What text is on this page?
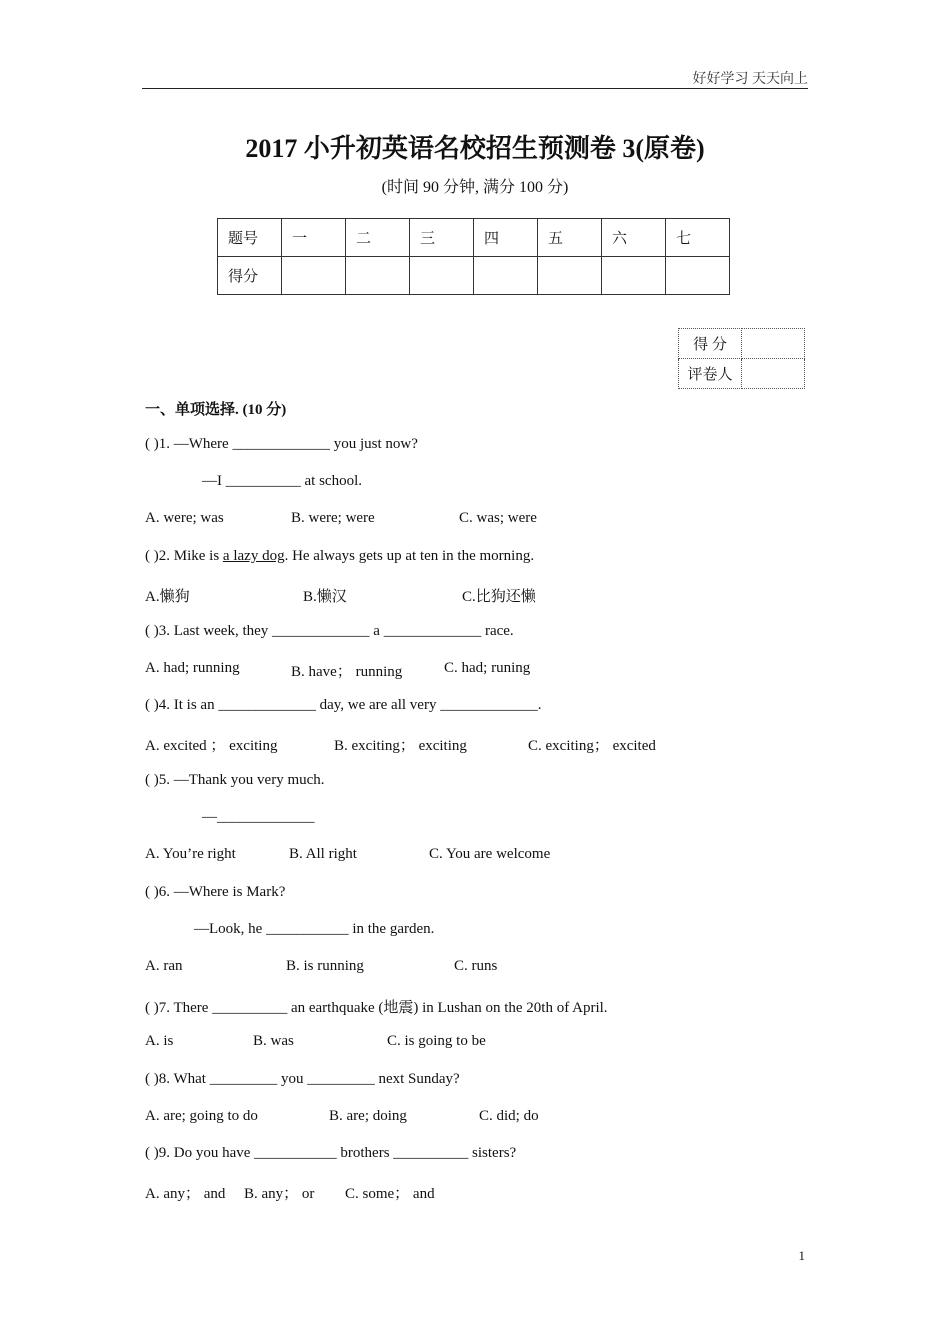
好好学习 天天向上
2017 小升初英语名校招生预测卷 3(原卷)
(时间 90 分钟, 满分 100 分)
题号	一	二	三	四	五	六	七
得分							
得 分	
评卷人	
一、单项选择. (10 分)
( )1. —Where _____________ you just now?
—I __________ at school.
A. were; was	B. were; were	C. was; were
( )2. Mike is a lazy dog. He always gets up at ten in the morning.
A.懒狗	B.懒汉	C.比狗还懒
( )3. Last week, they _____________ a _____________ race.
A. had; running	B. have； running	C. had; runing
( )4. It is an _____________ day, we are all very _____________.
A. excited ； exciting	B. exciting； exciting	C. exciting； excited
( )5. —Thank you very much.
—_____________
A. You’re right	B. All right	C. You are welcome
( )6. —Where is Mark?
—Look, he ___________ in the garden.
A. ran	B. is running	C. runs
( )7. There __________ an earthquake (地震) in Lushan on the 20th of April.
A. is	B. was	C. is going to be
( )8. What _________ you _________ next Sunday?
A. are; going to do	B. are; doing	C. did; do
( )9. Do you have ___________ brothers __________ sisters?
A. any； and B. any； or C. some； and
1
